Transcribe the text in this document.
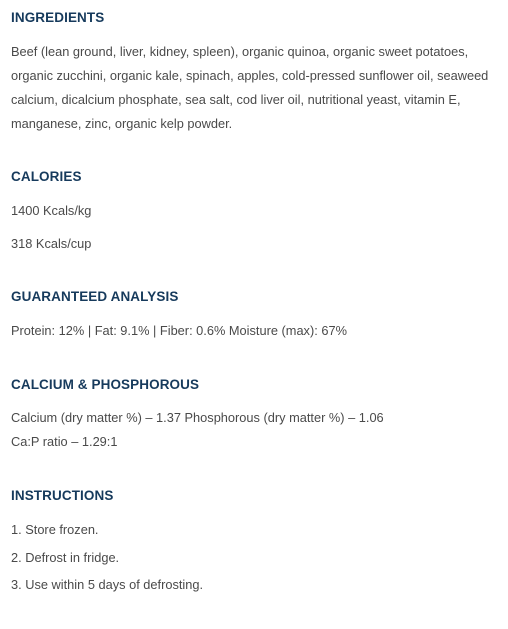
INGREDIENTS
Beef (lean ground, liver, kidney, spleen), organic quinoa, organic sweet potatoes,
organic zucchini, organic kale, spinach, apples, cold-pressed sunflower oil, seaweed
calcium, dicalcium phosphate, sea salt, cod liver oil, nutritional yeast, vitamin E,
manganese, zinc, organic kelp powder.
CALORIES

1400 Kcals/kg

318 Kcals/cup

GUARANTEED ANALYSIS

Protein: 12% | Fat: 9.1% | Fiber: 0.6% Moisture (max): 67%

CALCIUM & PHOSPHOROUS

Calcium (dry matter %) – 1.37 Phosphorous (dry matter %) – 1.06

Ca:P ratio – 1.29:1

INSTRUCTIONS

1. Store frozen.

2. Defrost in fridge.

3. Use within 5 days of defrosting.
